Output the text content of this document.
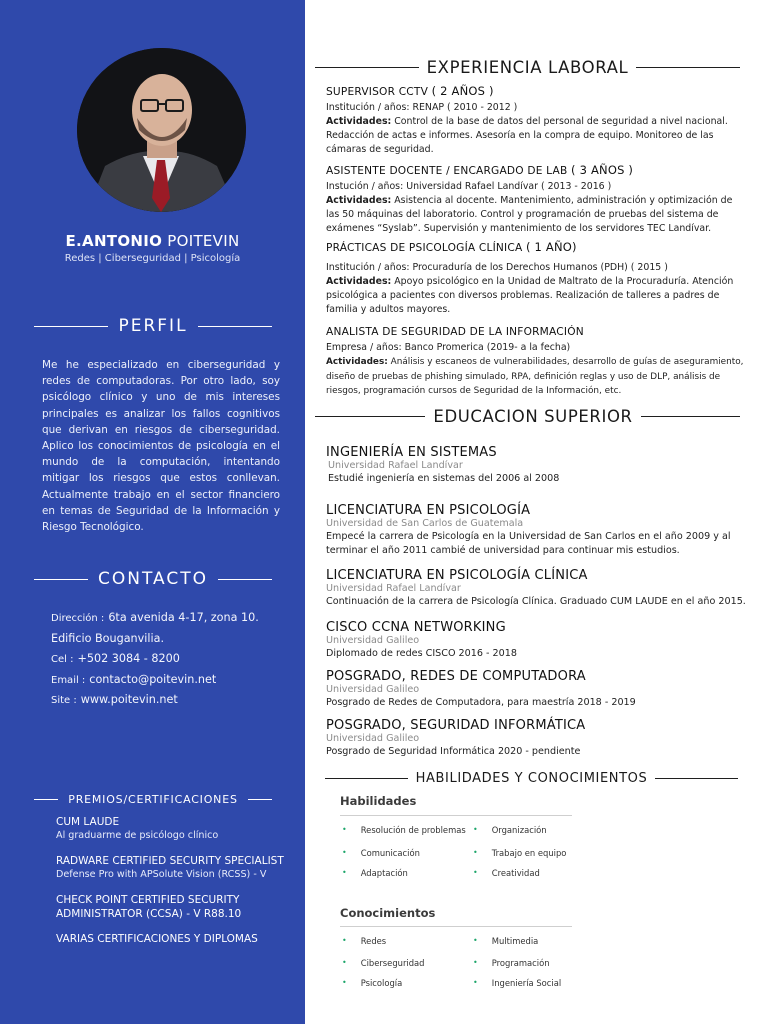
E.ANTONIO POITEVIN
Redes | Ciberseguridad | Psicología
PERFIL
Me he especializado en ciberseguridad y redes de computadoras. Por otro lado, soy psicólogo clínico y uno de mis intereses principales es analizar los fallos cognitivos que derivan en riesgos de ciberseguridad. Aplico los conocimientos de psicología en el mundo de la computación, intentando mitigar los riesgos que estos conllevan. Actualmente trabajo en el sector financiero en temas de Seguridad de la Información y Riesgo Tecnológico.
CONTACTO
Dirección : 6ta avenida 4-17, zona 10.
Edificio Bouganvilia.
Cel : +502 3084 - 8200
Email : contacto@poitevin.net
Site : www.poitevin.net
PREMIOS/CERTIFICACIONES
CUM LAUDE
Al graduarme de psicólogo clínico
RADWARE CERTIFIED SECURITY SPECIALIST
Defense Pro with APSolute Vision (RCSS) - V
CHECK POINT CERTIFIED SECURITY ADMINISTRATOR (CCSA) - V R88.10
VARIAS CERTIFICACIONES Y DIPLOMAS
EXPERIENCIA LABORAL
SUPERVISOR CCTV ( 2 AÑOS )
Institución / años: RENAP ( 2010 - 2012 )
Actividades: Control de la base de datos del personal de seguridad a nivel nacional. Redacción de actas e informes. Asesoría en la compra de equipo. Monitoreo de las cámaras de seguridad.
ASISTENTE DOCENTE / ENCARGADO DE LAB ( 3 AÑOS )
Instución / años: Universidad Rafael Landívar ( 2013 - 2016 )
Actividades: Asistencia al docente. Mantenimiento, administración y optimización de las 50 máquinas del laboratorio. Control y programación de pruebas del sistema de exámenes “Syslab”. Supervisión y mantenimiento de los servidores TEC Landívar.
PRÁCTICAS DE PSICOLOGÍA CLÍNICA ( 1 AÑO)
Institución / años: Procuraduría de los Derechos Humanos (PDH) ( 2015 )
Actividades: Apoyo psicológico en la Unidad de Maltrato de la Procuraduría. Atención psicológica a pacientes con diversos problemas. Realización de talleres a padres de familia y adultos mayores.
ANALISTA DE SEGURIDAD DE LA INFORMACIÓN
Empresa / años: Banco Promerica (2019- a la fecha)
Actividades: Análisis y escaneos de vulnerabilidades, desarrollo de guías de aseguramiento, diseño de pruebas de phishing simulado, RPA, definición reglas y uso de DLP, análisis de riesgos, programación cursos de Seguridad de la Información, etc.
EDUCACION SUPERIOR
INGENIERÍA EN SISTEMAS
Universidad Rafael Landívar
Estudié ingeniería en sistemas del 2006 al 2008
LICENCIATURA EN PSICOLOGÍA
Universidad de San Carlos de Guatemala
Empecé la carrera de Psicología en la Universidad de San Carlos en el año 2009 y al terminar el año 2011 cambié de universidad para continuar mis estudios.
LICENCIATURA EN PSICOLOGÍA CLÍNICA
Universidad Rafael Landívar
Continuación de la carrera de Psicología Clínica. Graduado CUM LAUDE en el año 2015.
CISCO CCNA NETWORKING
Universidad Galileo
Diplomado de redes CISCO 2016 - 2018
POSGRADO, REDES DE COMPUTADORA
Universidad Galileo
Posgrado de Redes de Computadora, para maestría 2018 - 2019
POSGRADO, SEGURIDAD INFORMÁTICA
Universidad Galileo
Posgrado de Seguridad Informática 2020 - pendiente
HABILIDADES Y CONOCIMIENTOS
Habilidades
• Resolución de problemas • Organización
• Comunicación	• Trabajo en equipo
• Adaptación	• Creatividad
Conocimientos
• Redes	• Multimedia
• Ciberseguridad	• Programación
• Psicología	• Ingeniería Social
